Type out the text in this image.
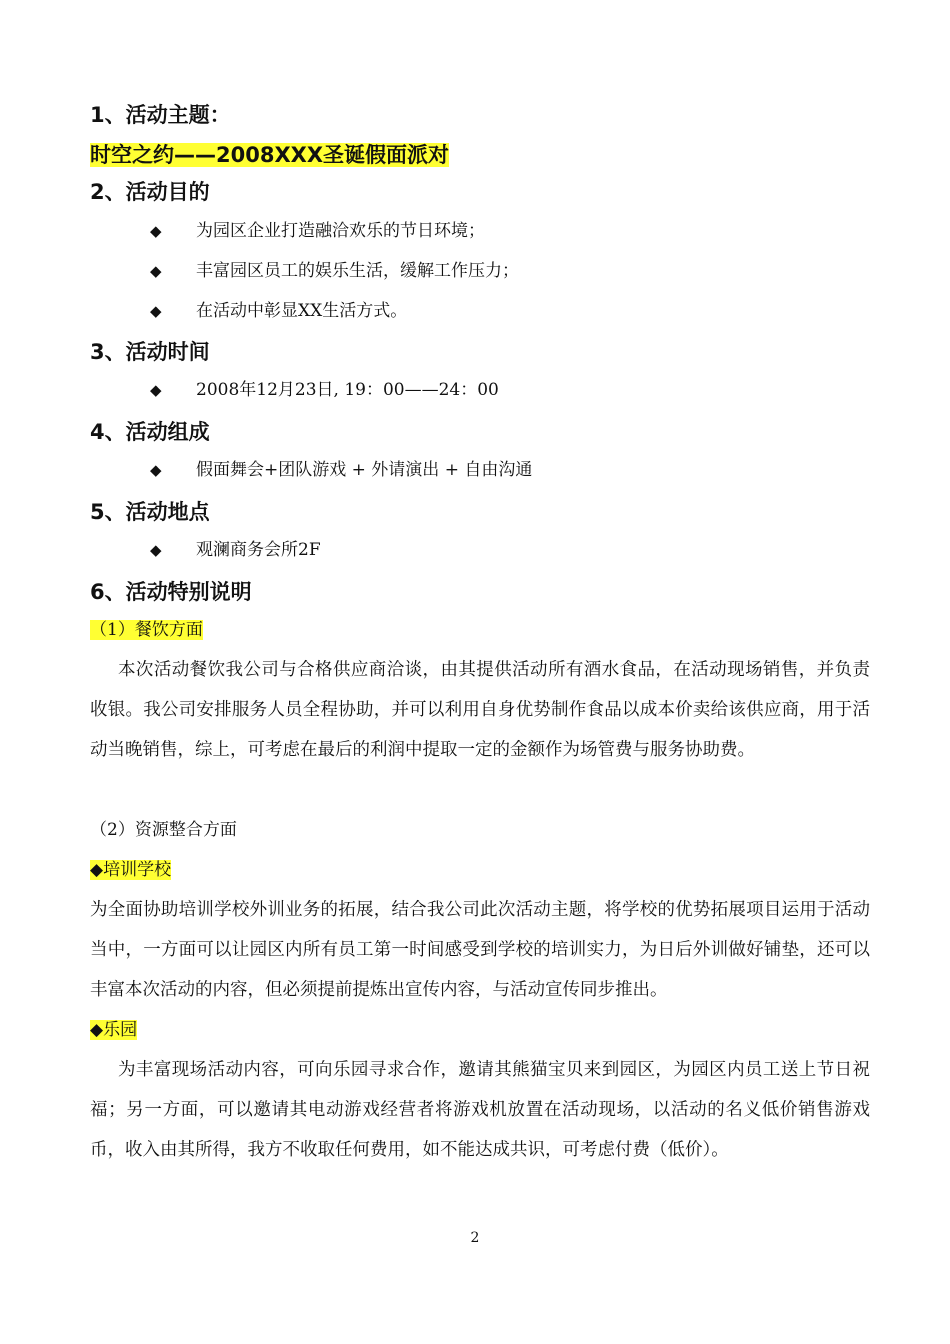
1、活动主题：
时空之约——2008XXX圣诞假面派对
2、活动目的
◆ 为园区企业打造融洽欢乐的节日环境；
◆ 丰富园区员工的娱乐生活，缓解工作压力；
◆ 在活动中彰显XX生活方式。
3、活动时间
◆ 2008年12月23日, 19：00——24：00
4、活动组成
◆ 假面舞会+团队游戏 + 外请演出 + 自由沟通
5、活动地点
◆ 观澜商务会所2F
6、活动特别说明
（1）餐饮方面
本次活动餐饮我公司与合格供应商洽谈，由其提供活动所有酒水食品，在活动现场销售，并负责收银。我公司安排服务人员全程协助，并可以利用自身优势制作食品以成本价卖给该供应商，用于活动当晚销售，综上，可考虑在最后的利润中提取一定的金额作为场管费与服务协助费。
（2）资源整合方面
◆培训学校
为全面协助培训学校外训业务的拓展，结合我公司此次活动主题，将学校的优势拓展项目运用于活动当中，一方面可以让园区内所有员工第一时间感受到学校的培训实力，为日后外训做好铺垫，还可以丰富本次活动的内容，但必须提前提炼出宣传内容，与活动宣传同步推出。
◆乐园
为丰富现场活动内容，可向乐园寻求合作，邀请其熊猫宝贝来到园区，为园区内员工送上节日祝福；另一方面，可以邀请其电动游戏经营者将游戏机放置在活动现场，以活动的名义低价销售游戏币，收入由其所得，我方不收取任何费用，如不能达成共识，可考虑付费（低价）。
2
